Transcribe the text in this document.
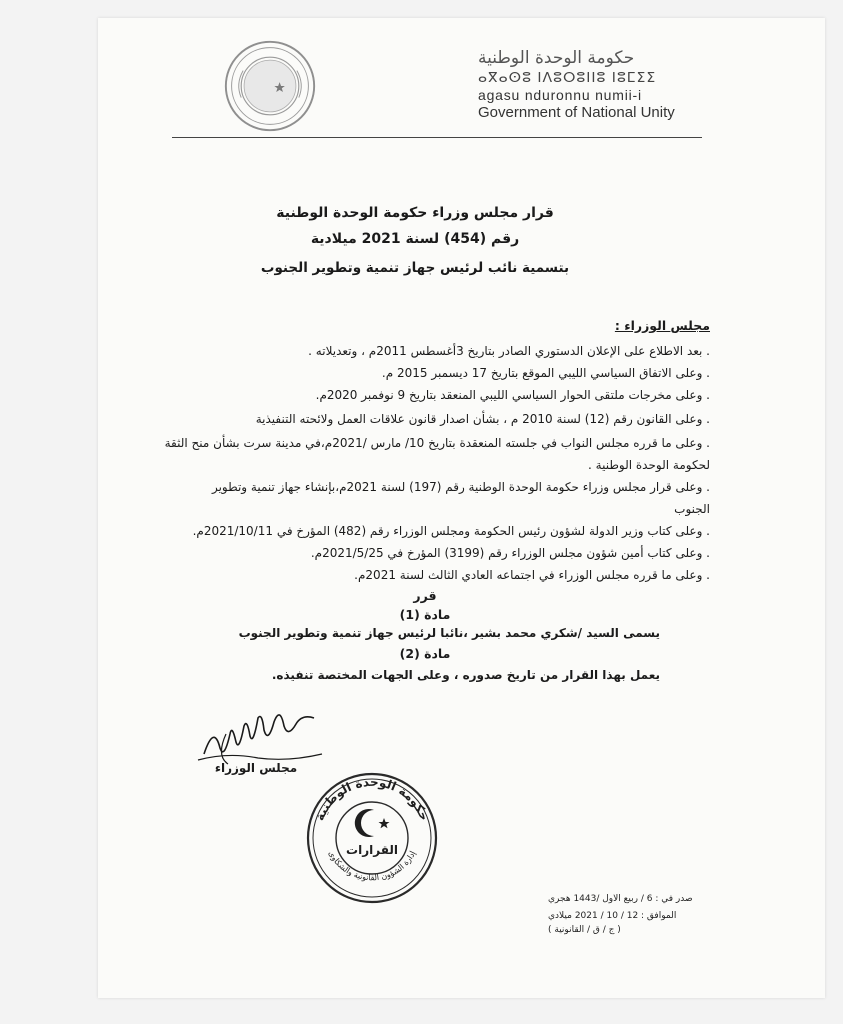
حكومة الوحدة الوطنية
ⴰⴳⴰⵙⵓ ⵏⴷⵓⵔⵓⵏⵏⵓ ⵏⵓⵎⵉⵉ
agasu nduronnu numii-i
Government of National Unity
قرار مجلس وزراء حكومة الوحدة الوطنية
رقم (454) لسنة 2021 ميلادية
بتسمية نائب لرئيس جهاز تنمية وتطوير الجنوب
مجلس الوزراء :
. بعد الاطلاع على الإعلان الدستوري الصادر بتاريخ 3أغسطس 2011م ، وتعديلاته .
. وعلى الاتفاق السياسي الليبي الموقع بتاريخ 17 ديسمبر 2015 م.
. وعلى مخرجات ملتقى الحوار السياسي الليبي المنعقد بتاريخ 9 نوفمبر 2020م.
. وعلى القانون رقم (12) لسنة 2010 م ، بشأن اصدار قانون علاقات العمل ولائحته التنفيذية
. وعلى ما قرره مجلس النواب في جلسته المنعقدة بتاريخ 10/ مارس /2021م،في مدينة سرت بشأن منح الثقة
لحكومة الوحدة الوطنية .
. وعلى قرار مجلس وزراء حكومة الوحدة الوطنية رقم (197) لسنة 2021م،بإنشاء جهاز تنمية وتطوير
الجنوب
. وعلى كتاب وزير الدولة لشؤون رئيس الحكومة ومجلس الوزراء رقم (482) المؤرخ في 2021/10/11م.
. وعلى كتاب أمين شؤون مجلس الوزراء رقم (3199) المؤرخ في 2021/5/25م.
. وعلى ما قرره مجلس الوزراء في اجتماعه العادي الثالث لسنة 2021م.
قرر
مادة (1)
يسمى السيد /شكري محمد بشير ،نائبا لرئيس جهاز تنمية وتطوير الجنوب
مادة (2)
يعمل بهذا القرار من تاريخ صدوره ، وعلى الجهات المختصة تنفيذه.
مجلس الوزراء
حكومة الوحدة الوطنية
القرارات
إدارة الشؤون القانونية والشكاوى
صدر في : 6 / ربيع الاول /1443 هجري
الموافق : 12 / 10 / 2021 ميلادي
( ج / ق / القانونية )
